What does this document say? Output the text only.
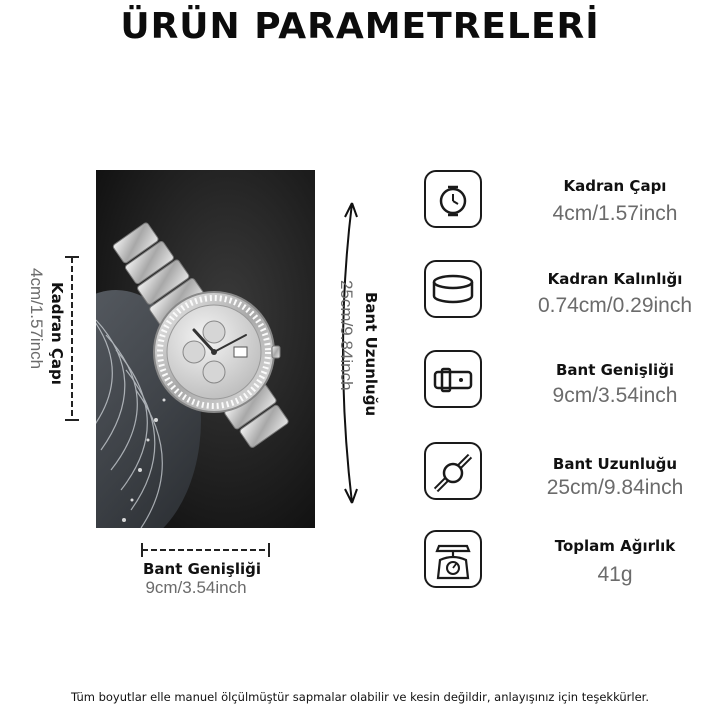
ÜRÜN PARAMETRELERİ
Kadran Çapı
4cm/1.57inch	Bant Uzunluğu
25cm/9.84inch
Bant Genişliği
9cm/3.54inch
Kadran Çapı
4cm/1.57inch
Kadran Kalınlığı
0.74cm/0.29inch
Bant Genişliği
9cm/3.54inch
Bant Uzunluğu
25cm/9.84inch
Toplam Ağırlık
41g
Tüm boyutlar elle manuel ölçülmüştür sapmalar olabilir ve kesin değildir, anlayışınız için teşekkürler.
